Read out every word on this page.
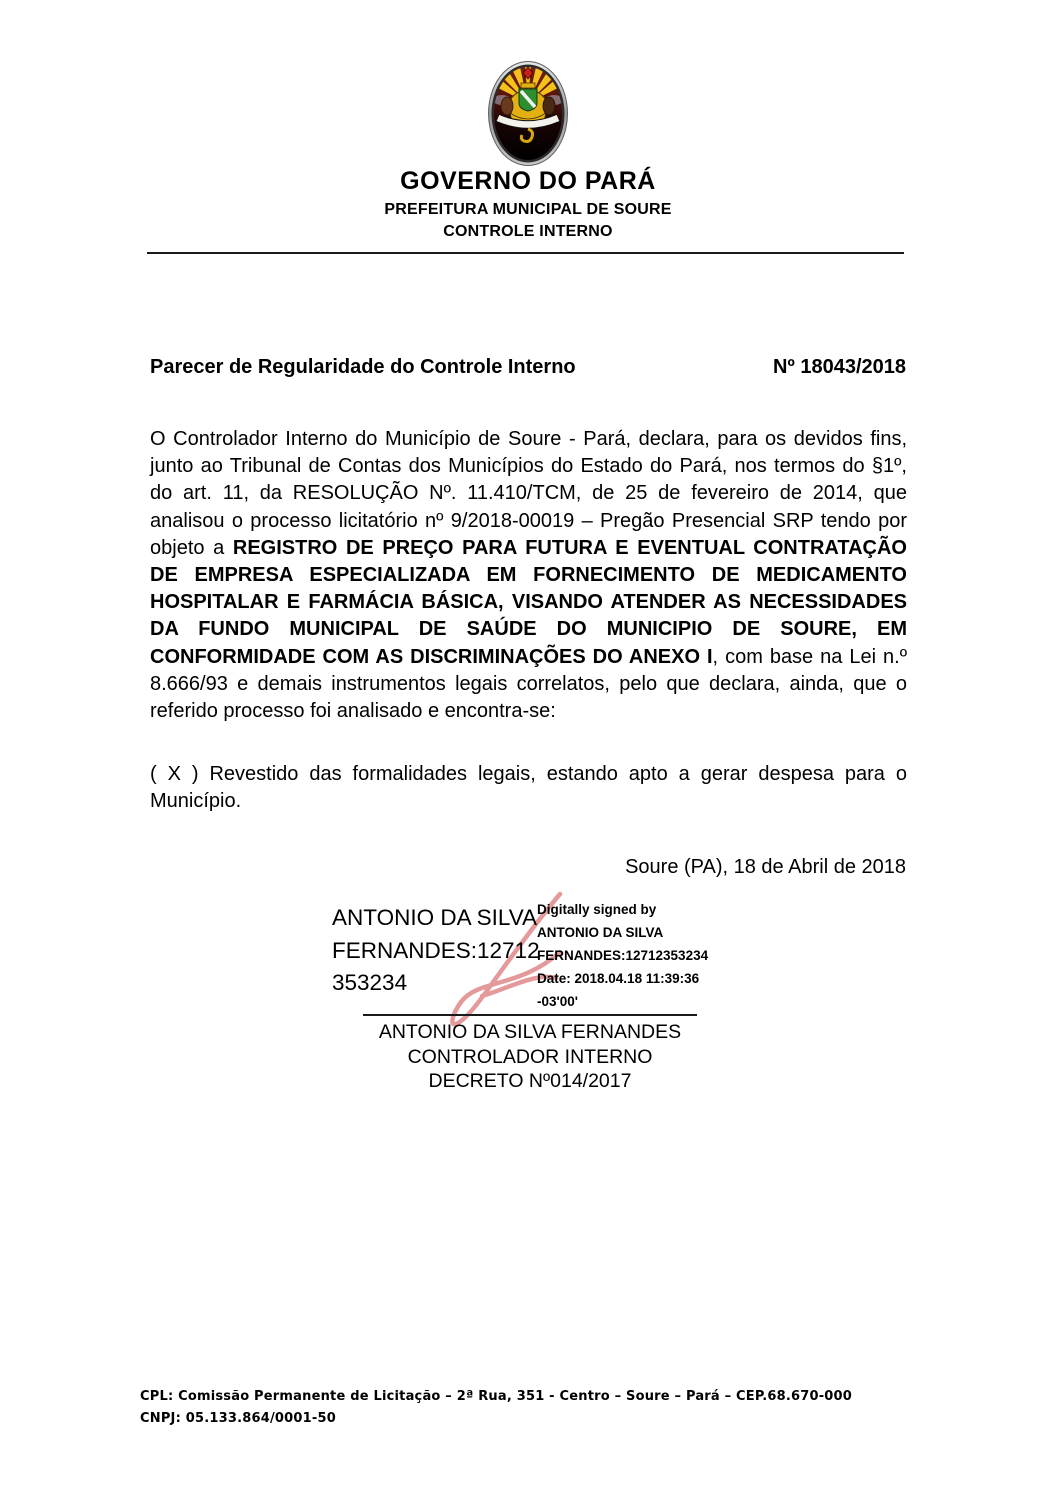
GOVERNO DO PARÁ
PREFEITURA MUNICIPAL DE SOURE
CONTROLE INTERNO
Parecer de Regularidade do Controle Interno	Nº 18043/2018

O Controlador Interno do Município de Soure - Pará, declara, para os devidos fins, junto ao Tribunal de Contas dos Municípios do Estado do Pará, nos termos do §1º, do art. 11, da RESOLUÇÃO Nº. 11.410/TCM, de 25 de fevereiro de 2014, que analisou o processo licitatório nº 9/2018-00019 – Pregão Presencial SRP tendo por objeto a REGISTRO DE PREÇO PARA FUTURA E EVENTUAL CONTRATAÇÃO DE EMPRESA ESPECIALIZADA EM FORNECIMENTO DE MEDICAMENTO HOSPITALAR E FARMÁCIA BÁSICA, VISANDO ATENDER AS NECESSIDADES DA FUNDO MUNICIPAL DE SAÚDE DO MUNICIPIO DE SOURE, EM CONFORMIDADE COM AS DISCRIMINAÇÕES DO ANEXO I, com base na Lei n.º 8.666/93 e demais instrumentos legais correlatos, pelo que declara, ainda, que o referido processo foi analisado e encontra-se:

( X ) Revestido das formalidades legais, estando apto a gerar despesa para o Município.

Soure (PA), 18 de Abril de 2018
ANTONIO DA SILVA
FERNANDES:12712
353234
Digitally signed by
ANTONIO DA SILVA
FERNANDES:12712353234
Date: 2018.04.18 11:39:36
-03'00'
ANTONIO DA SILVA FERNANDES
CONTROLADOR INTERNO
DECRETO Nº014/2017
CPL: Comissão Permanente de Licitação – 2ª Rua, 351 - Centro – Soure – Pará – CEP.68.670-000
CNPJ: 05.133.864/0001-50
